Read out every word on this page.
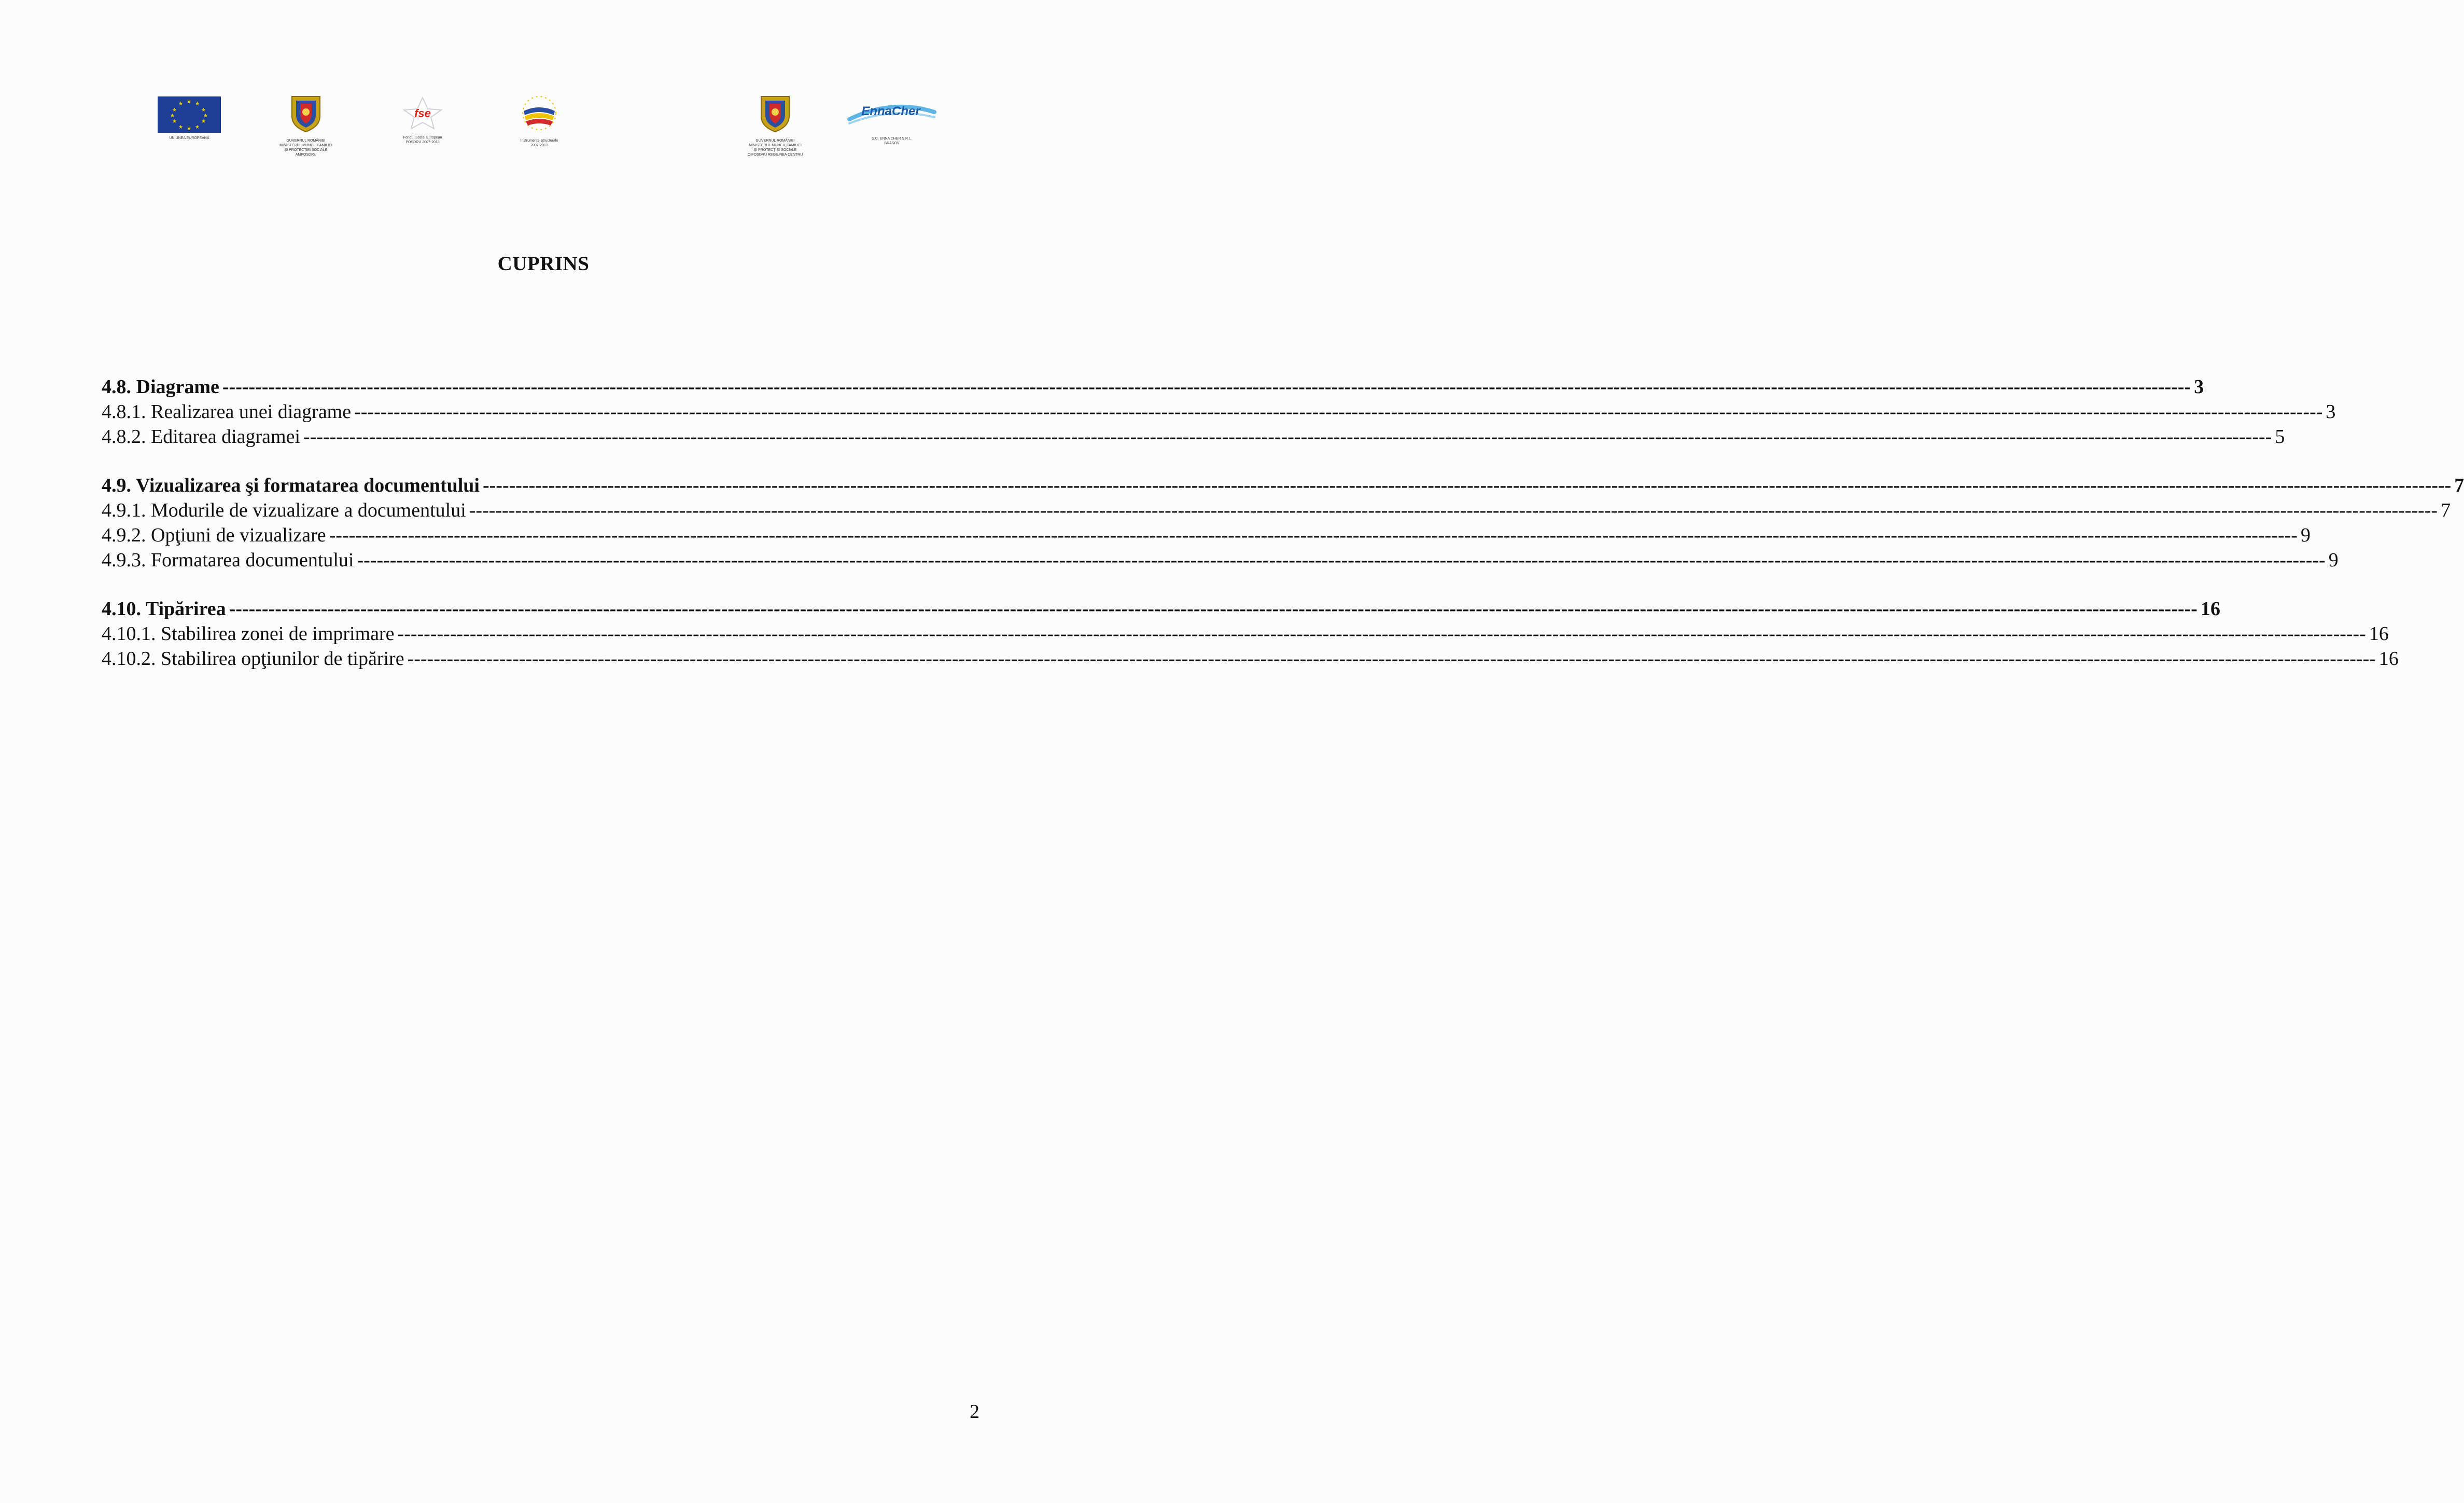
★ ★
★
★
★
★
★
★
★
★
★
★
UNIUNEA EUROPEANĂ
GUVERNUL ROMÂNIEI
MINISTERUL MUNCII, FAMILIEI
ŞI PROTECŢIEI SOCIALE
AMPOSDRU
fse
Fondul Social European
POSDRU 2007-2013	Instrumente Structurale
2007-2013
GUVERNUL ROMÂNIEI
MINISTERUL MUNCII, FAMILIEI
ŞI PROTECŢIEI SOCIALE
OIPOSDRU REGIUNEA CENTRU
EnnaCher
S.C. ENNA CHER S.R.L.
BRAŞOV
CUPRINS
4.8. Diagrame ------------------------------------------------------------------------------------------------------------------------------------------------------------------------------------------------------------------------------------------------------------------------------------------------------------ 3
4.8.1. Realizarea unei diagrame ------------------------------------------------------------------------------------------------------------------------------------------------------------------------------------------------------------------------------------------------------------------------------------------------------------ 3
4.8.2. Editarea diagramei ------------------------------------------------------------------------------------------------------------------------------------------------------------------------------------------------------------------------------------------------------------------------------------------------------------ 5
4.9. Vizualizarea şi formatarea documentului ------------------------------------------------------------------------------------------------------------------------------------------------------------------------------------------------------------------------------------------------------------------------------------------------------------ 7
4.9.1. Modurile de vizualizare a documentului ------------------------------------------------------------------------------------------------------------------------------------------------------------------------------------------------------------------------------------------------------------------------------------------------------------ 7
4.9.2. Opţiuni de vizualizare ------------------------------------------------------------------------------------------------------------------------------------------------------------------------------------------------------------------------------------------------------------------------------------------------------------ 9
4.9.3. Formatarea documentului ------------------------------------------------------------------------------------------------------------------------------------------------------------------------------------------------------------------------------------------------------------------------------------------------------------ 9
4.10. Tipărirea ------------------------------------------------------------------------------------------------------------------------------------------------------------------------------------------------------------------------------------------------------------------------------------------------------------ 16
4.10.1. Stabilirea zonei de imprimare ------------------------------------------------------------------------------------------------------------------------------------------------------------------------------------------------------------------------------------------------------------------------------------------------------------ 16
4.10.2. Stabilirea opţiunilor de tipărire ------------------------------------------------------------------------------------------------------------------------------------------------------------------------------------------------------------------------------------------------------------------------------------------------------------ 16
2
